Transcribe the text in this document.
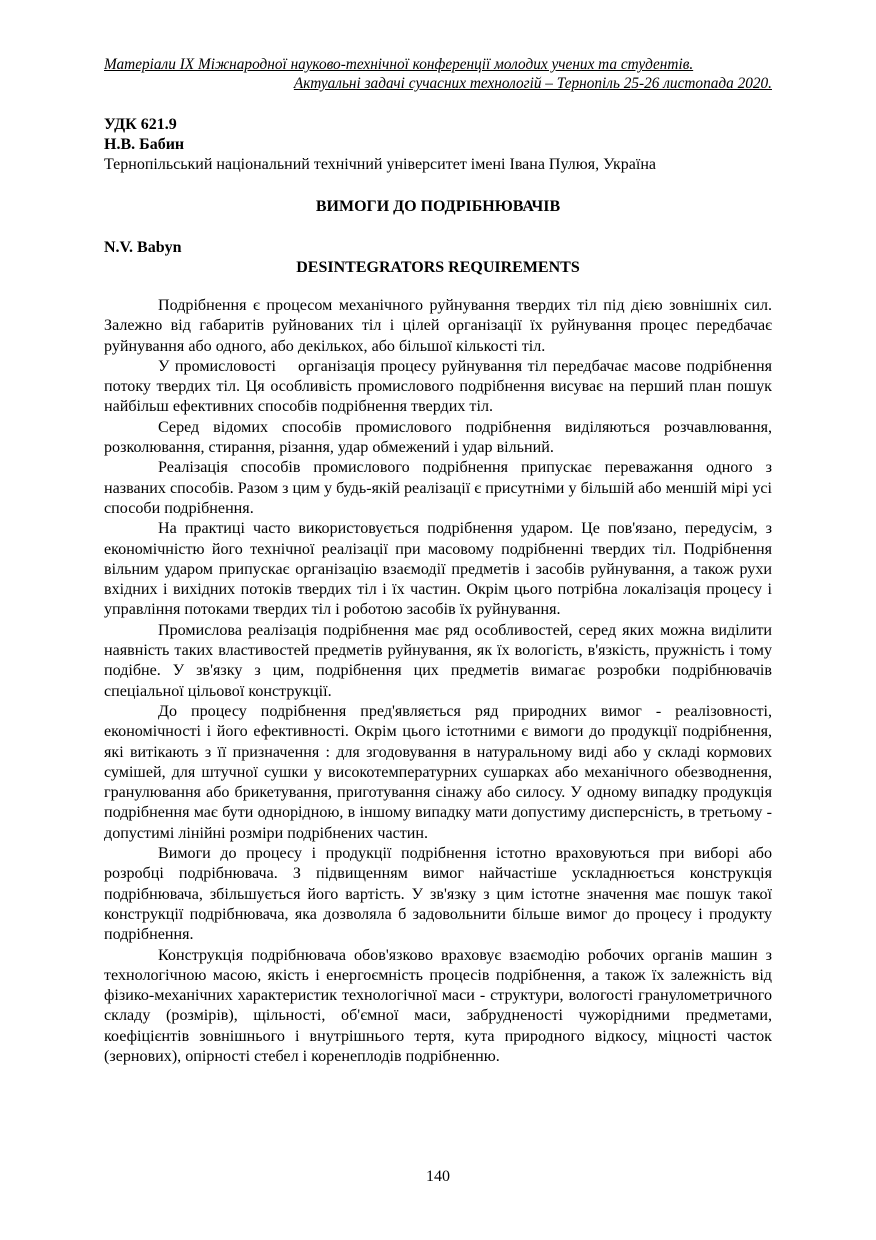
Матеріали IX Міжнародної науково-технічної конференції молодих учених та студентів.
Актуальні задачі сучасних технологій – Тернопіль 25-26 листопада 2020.
УДК 621.9
Н.В. Бабин
Тернопільський національний технічний університет імені Івана Пулюя, Україна
ВИМОГИ ДО ПОДРІБНЮВАЧІВ
N.V. Babyn
DESINTEGRATORS REQUIREMENTS

Подрібнення є процесом механічного руйнування твердих тіл під дією зовнішніх сил. Залежно від габаритів руйнованих тіл і цілей організації їх руйнування процес передбачає руйнування або одного, або декількох, або більшої кількості тіл.

У промисловості    організація процесу руйнування тіл передбачає масове подрібнення потоку твердих тіл. Ця особливість промислового подрібнення висуває на перший план пошук найбільш ефективних способів подрібнення твердих тіл.

Серед відомих способів промислового подрібнення виділяються розчавлювання, розколювання, стирання, різання, удар обмежений і удар вільний.

Реалізація способів промислового подрібнення припускає переважання одного з названих способів. Разом з цим у будь-якій реалізації є присутніми у більшій або меншій мірі усі способи подрібнення.

На практиці часто використовується подрібнення ударом. Це пов'язано, передусім, з економічністю його технічної реалізації при масовому подрібненні твердих тіл. Подрібнення вільним ударом припускає організацію взаємодії предметів і засобів руйнування, а також рухи вхідних і вихідних потоків твердих тіл і їх частин. Окрім цього потрібна локалізація процесу і управління потоками твердих тіл і роботою засобів їх руйнування.

Промислова реалізація подрібнення має ряд особливостей, серед яких можна виділити наявність таких властивостей предметів руйнування, як їх вологість, в'язкість, пружність і тому подібне. У зв'язку з цим, подрібнення цих предметів вимагає розробки подрібнювачів спеціальної цільової конструкції.

До процесу подрібнення пред'являється ряд природних вимог - реалізовності, економічності і його ефективності. Окрім цього істотними є вимоги до продукції подрібнення, які витікають з її призначення : для згодовування в натуральному виді або у складі кормових сумішей, для штучної сушки у високотемпературних сушарках або механічного обезводнення, гранулювання або брикетування, приготування сінажу або силосу. У одному випадку продукція подрібнення має бути однорідною, в іншому випадку мати допустиму дисперсність, в третьому - допустимі лінійні розміри подрібнених частин.

Вимоги до процесу і продукції подрібнення істотно враховуються при виборі або розробці подрібнювача. З підвищенням вимог найчастіше ускладнюється конструкція подрібнювача, збільшується його вартість. У зв'язку з цим істотне значення має пошук такої конструкції подрібнювача, яка дозволяла б задовольнити більше вимог до процесу і продукту подрібнення.

Конструкція подрібнювача обов'язково враховує взаємодію робочих органів машин з технологічною масою, якість і енергоємність процесів подрібнення, а також їх залежність від фізико-механічних характеристик технологічної маси - структури, вологості гранулометричного складу (розмірів), щільності, об'ємної маси, забрудненості чужорідними предметами, коефіцієнтів зовнішнього і внутрішнього тертя, кута природного відкосу, міцності часток (зернових), опірності стебел і коренеплодів подрібненню.

140
